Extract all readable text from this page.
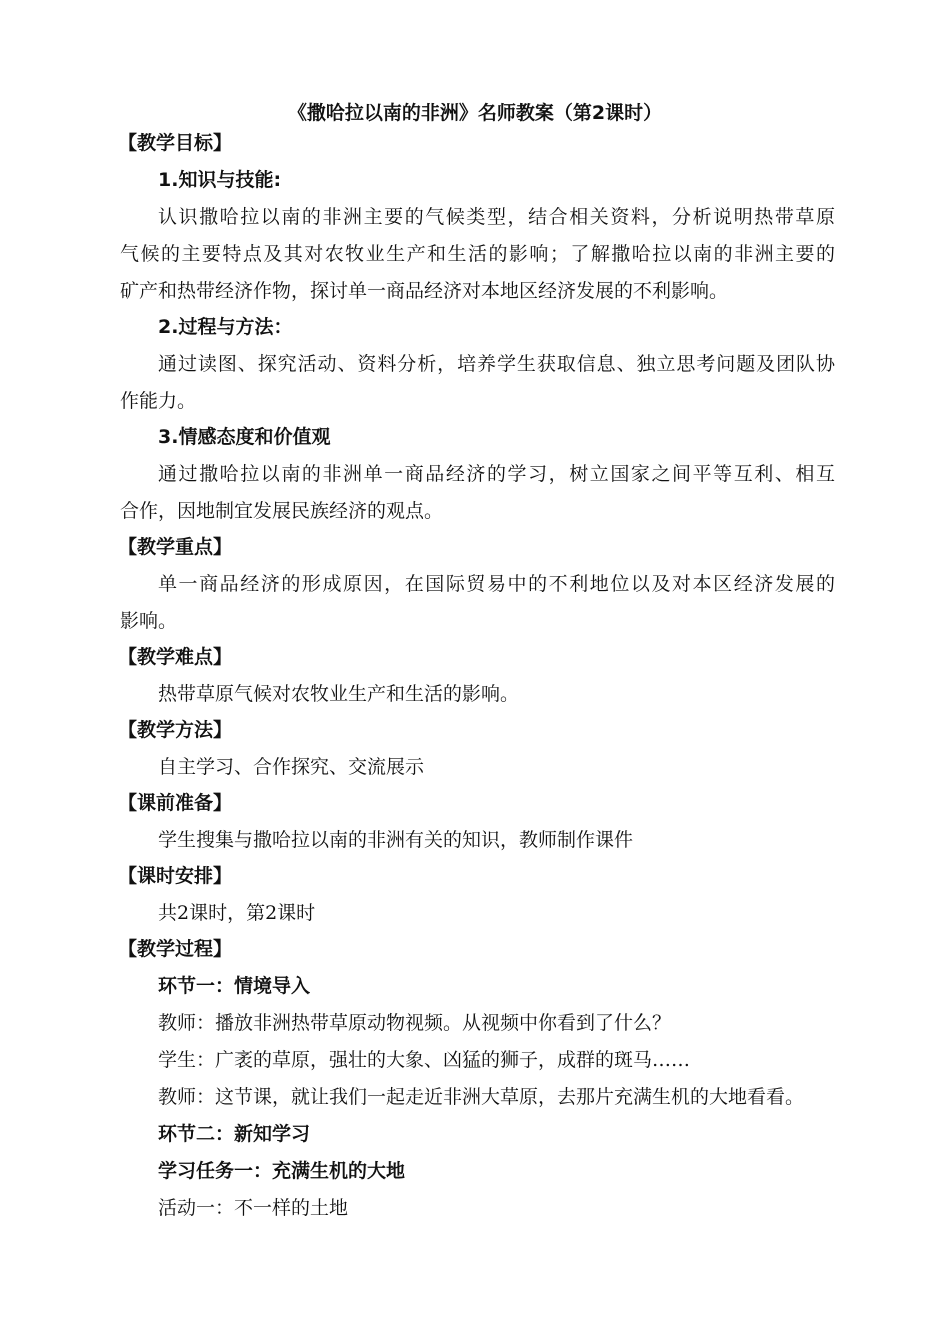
《撒哈拉以南的非洲》名师教案（第2课时）
【教学目标】
1.知识与技能:
认识撒哈拉以南的非洲主要的气候类型，结合相关资料，分析说明热带草原
气候的主要特点及其对农牧业生产和生活的影响；了解撒哈拉以南的非洲主要的
矿产和热带经济作物，探讨单一商品经济对本地区经济发展的不利影响。
2.过程与方法：
通过读图、探究活动、资料分析，培养学生获取信息、独立思考问题及团队协
作能力。
3.情感态度和价值观
通过撒哈拉以南的非洲单一商品经济的学习，树立国家之间平等互利、相互
合作，因地制宜发展民族经济的观点。
【教学重点】
单一商品经济的形成原因，在国际贸易中的不利地位以及对本区经济发展的
影响。
【教学难点】
热带草原气候对农牧业生产和生活的影响。
【教学方法】
自主学习、合作探究、交流展示
【课前准备】
学生搜集与撒哈拉以南的非洲有关的知识，教师制作课件
【课时安排】
共2课时，第2课时
【教学过程】
环节一：情境导入
教师：播放非洲热带草原动物视频。从视频中你看到了什么？
学生：广袤的草原，强壮的大象、凶猛的狮子，成群的斑马……
教师：这节课，就让我们一起走近非洲大草原，去那片充满生机的大地看看。
环节二：新知学习
学习任务一：充满生机的大地
活动一：不一样的土地
